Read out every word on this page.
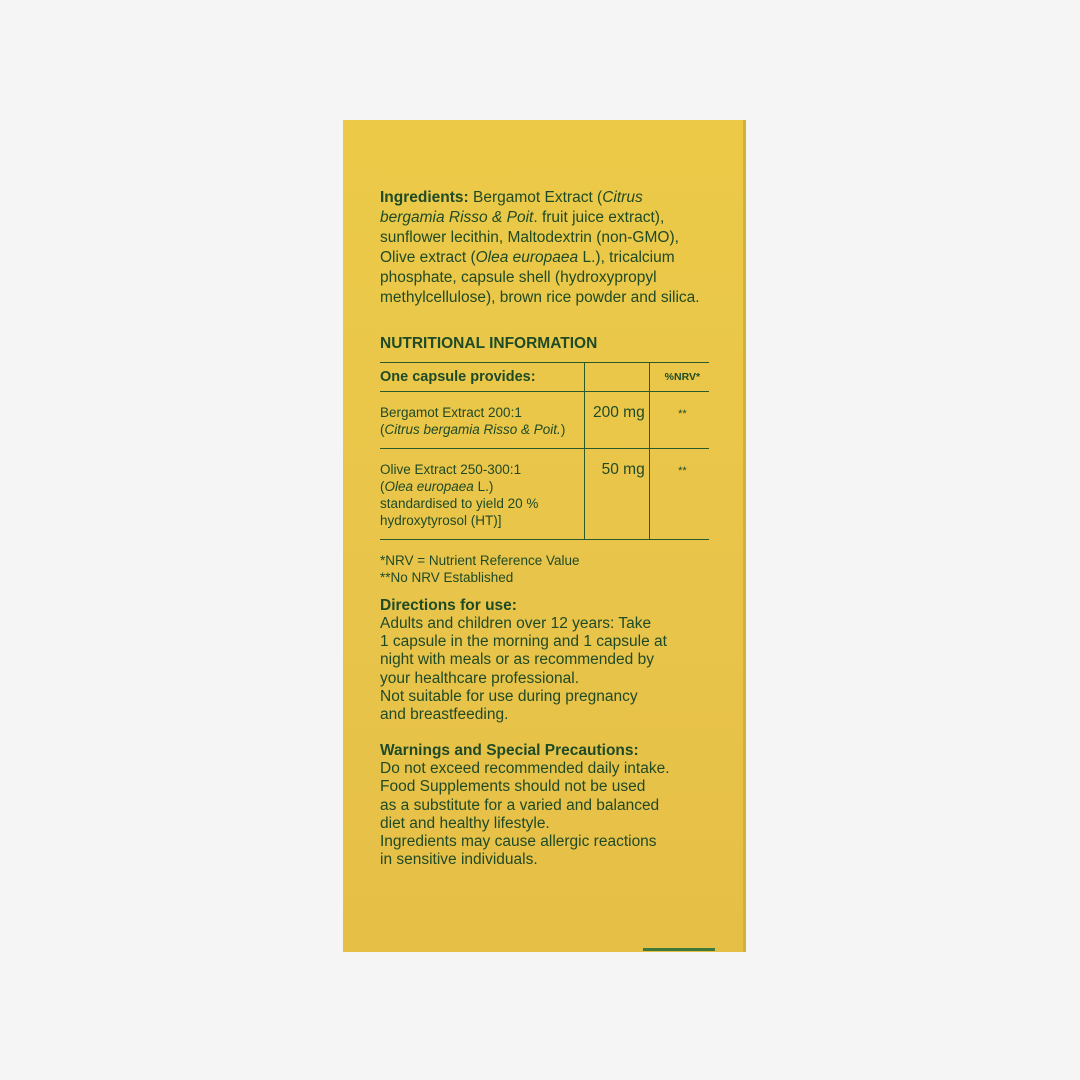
Ingredients: Bergamot Extract (Citrus bergamia Risso & Poit. fruit juice extract), sunflower lecithin, Maltodextrin (non-GMO), Olive extract (Olea europaea L.), tricalcium phosphate, capsule shell (hydroxypropyl methylcellulose), brown rice powder and silica.
NUTRITIONAL INFORMATION
One capsule provides:		%NRV*

Bergamot Extract 200:1
(Citrus bergamia Risso & Poit.)	200 mg	**

Olive Extract 250-300:1
(Olea europaea L.)
standardised to yield 20 %
hydroxytyrosol (HT)]	50 mg	**
*NRV = Nutrient Reference Value
**No NRV Established
Directions for use:
Adults and children over 12 years: Take
1 capsule in the morning and 1 capsule at
night with meals or as recommended by
your healthcare professional.
Not suitable for use during pregnancy
and breastfeeding.
Warnings and Special Precautions:
Do not exceed recommended daily intake.
Food Supplements should not be used
as a substitute for a varied and balanced
diet and healthy lifestyle.
Ingredients may cause allergic reactions
in sensitive individuals.
